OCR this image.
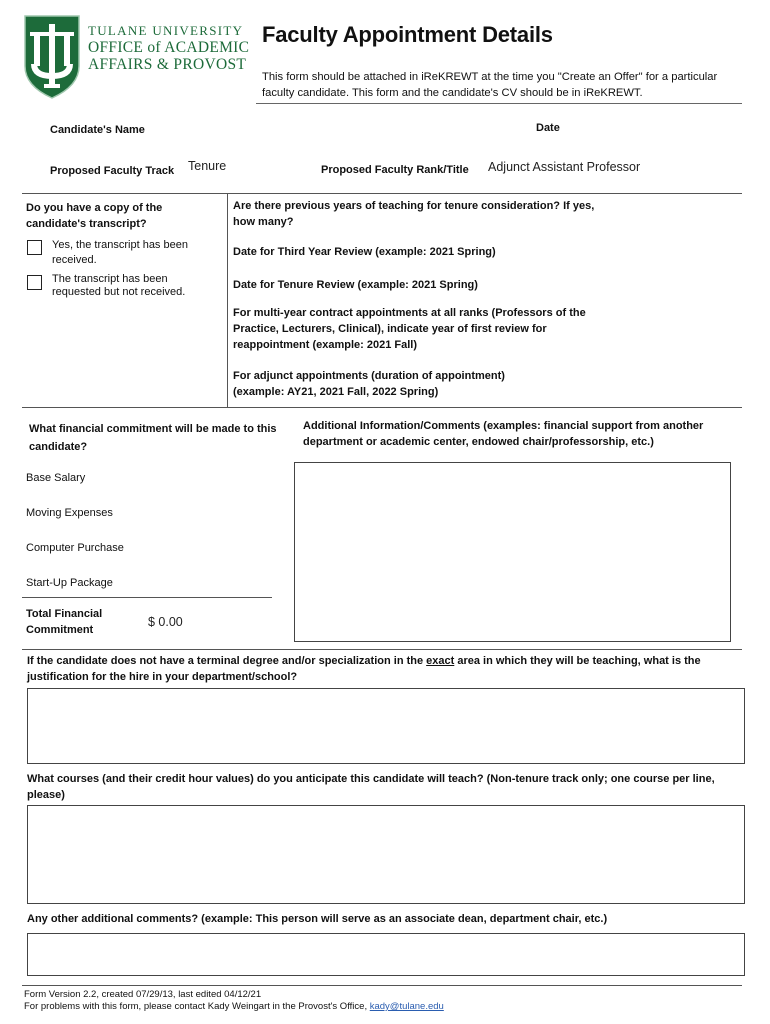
TULANE UNIVERSITY
OFFICE of ACADEMIC
AFFAIRS & PROVOST
Faculty Appointment Details
This form should be attached in iReKREWT at the time you "Create an Offer" for a particular faculty candidate. This form and the candidate's CV should be in iReKREWT.
Candidate's Name	Date
Proposed Faculty Track Tenure	Proposed Faculty Rank/Title Adjunct Assistant Professor
Do you have a copy of the candidate's transcript?
Yes, the transcript has been received.
The transcript has been requested but not received.
Are there previous years of teaching for tenure consideration? If yes, how many?
Date for Third Year Review (example: 2021 Spring)
Date for Tenure Review (example: 2021 Spring)
For multi-year contract appointments at all ranks (Professors of the Practice, Lecturers, Clinical), indicate year of first review for reappointment (example: 2021 Fall)
For adjunct appointments (duration of appointment) (example: AY21, 2021 Fall, 2022 Spring)
What financial commitment will be made to this candidate?
Base Salary
Moving Expenses
Computer Purchase
Start-Up Package
Total Financial Commitment
$ 0.00
Additional Information/Comments (examples: financial support from another department or academic center, endowed chair/professorship, etc.)
If the candidate does not have a terminal degree and/or specialization in the exact area in which they will be teaching, what is the justification for the hire in your department/school?
What courses (and their credit hour values) do you anticipate this candidate will teach? (Non-tenure track only; one course per line, please)
Any other additional comments? (example: This person will serve as an associate dean, department chair, etc.)
Form Version 2.2, created 07/29/13, last edited 04/12/21
For problems with this form, please contact Kady Weingart in the Provost's Office, kady@tulane.edu
